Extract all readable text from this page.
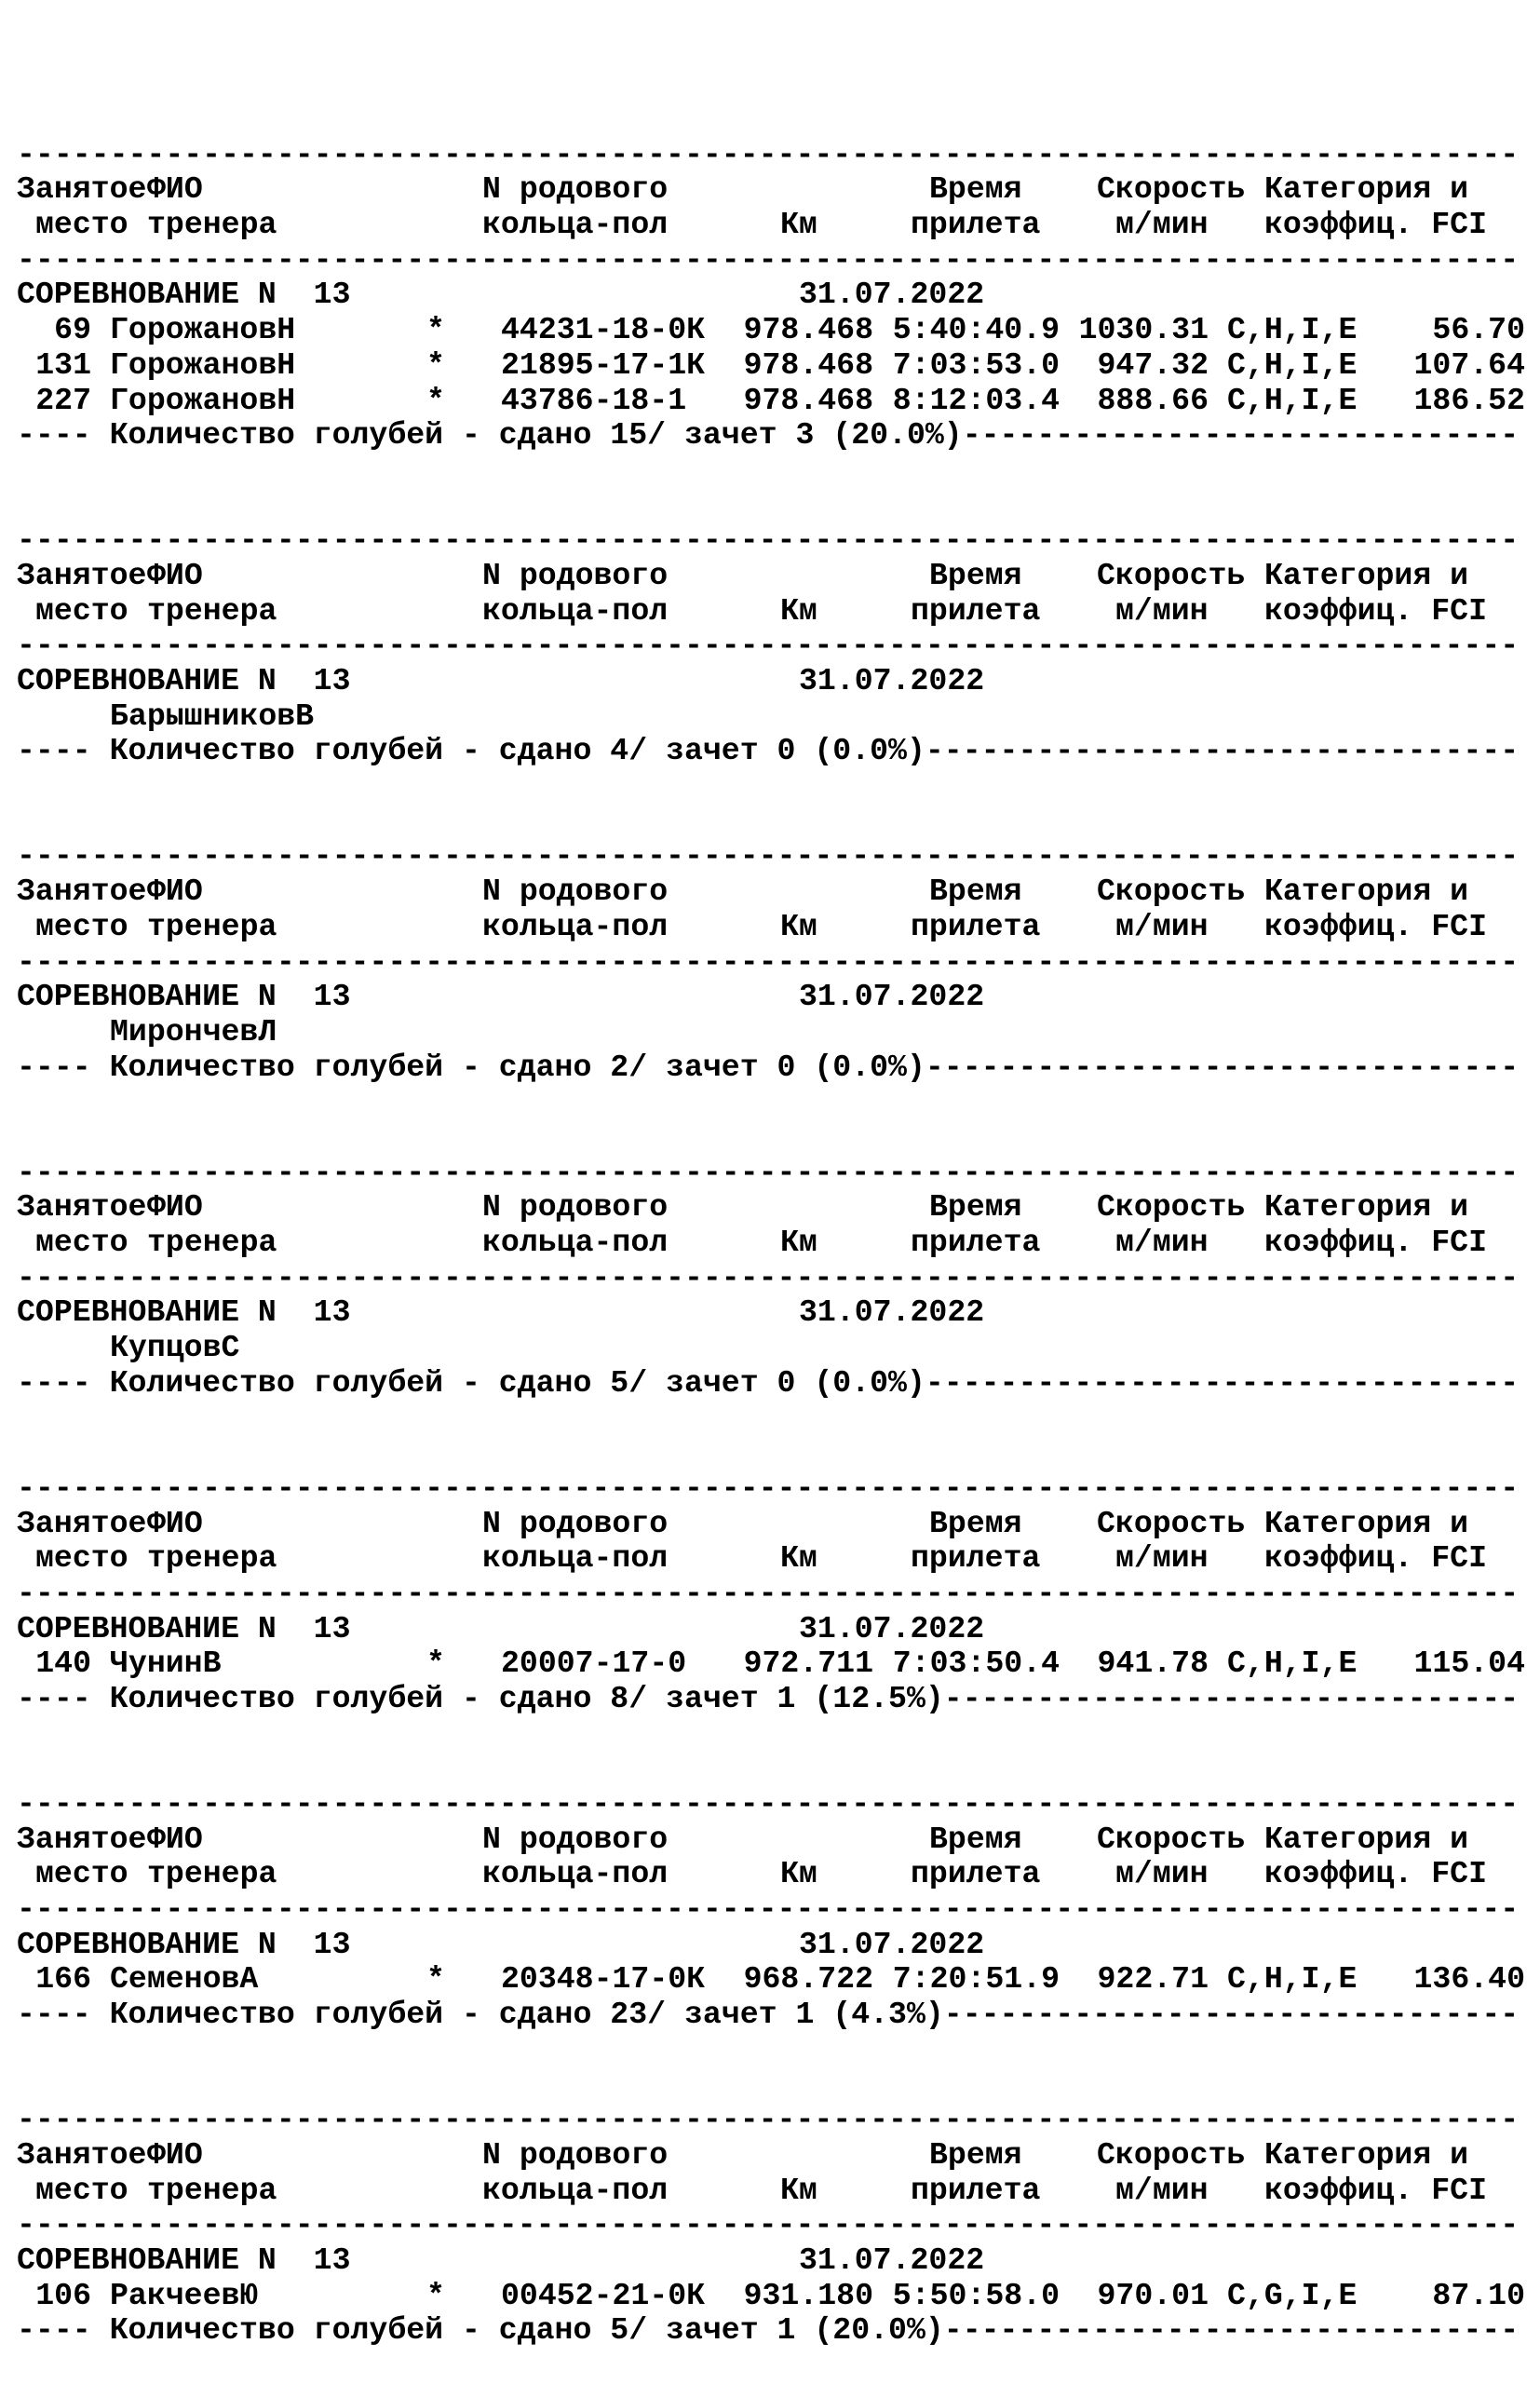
---------------------------------------------------------------------------------
Занятое ФИО	N родового	Время Скорость Категория и
место тренера	кольца-пол	Км	прилета м/мин коэффиц. FCI
---------------------------------------------------------------------------------
СОРЕВНОВАНИЕ N  13	31.07.2022
69 ГорожановН	* 44231-18-0К	978.468 5:40:40.9 1030.31 C,H,I,E	56.70
131 ГорожановН	* 21895-17-1К	978.468 7:03:53.0	947.32 C,H,I,E	107.64
227 ГорожановН	* 43786-18-1	978.468 8:12:03.4	888.66 C,H,I,E	186.52
---- Количество голубей - сдано 15/ зачет 3 (20.0%)------------------------------
---------------------------------------------------------------------------------
Занятое ФИО	N родового	Время Скорость Категория и
место тренера	кольца-пол	Км	прилета м/мин коэффиц. FCI
---------------------------------------------------------------------------------
СОРЕВНОВАНИЕ N  13	31.07.2022
БарышниковВ
---- Количество голубей - сдано 4/ зачет 0 (0.0%)--------------------------------
---------------------------------------------------------------------------------
Занятое ФИО	N родового	Время Скорость Категория и
место тренера	кольца-пол	Км	прилета м/мин коэффиц. FCI
---------------------------------------------------------------------------------
СОРЕВНОВАНИЕ N  13	31.07.2022
МирончевЛ
---- Количество голубей - сдано 2/ зачет 0 (0.0%)--------------------------------
---------------------------------------------------------------------------------
Занятое ФИО	N родового	Время Скорость Категория и
место тренера	кольца-пол	Км	прилета м/мин коэффиц. FCI
---------------------------------------------------------------------------------
СОРЕВНОВАНИЕ N  13	31.07.2022
КупцовС
---- Количество голубей - сдано 5/ зачет 0 (0.0%)--------------------------------
---------------------------------------------------------------------------------
Занятое ФИО	N родового	Время Скорость Категория и
место тренера	кольца-пол	Км	прилета м/мин коэффиц. FCI
---------------------------------------------------------------------------------
СОРЕВНОВАНИЕ N  13	31.07.2022
140 ЧунинВ	* 20007-17-0	972.711 7:03:50.4	941.78 C,H,I,E	115.04
---- Количество голубей - сдано 8/ зачет 1 (12.5%)-------------------------------
---------------------------------------------------------------------------------
Занятое ФИО	N родового	Время Скорость Категория и
место тренера	кольца-пол	Км	прилета м/мин коэффиц. FCI
---------------------------------------------------------------------------------
СОРЕВНОВАНИЕ N  13	31.07.2022
166 СеменовА	* 20348-17-0К	968.722 7:20:51.9	922.71 C,H,I,E	136.40
---- Количество голубей - сдано 23/ зачет 1 (4.3%)-------------------------------
---------------------------------------------------------------------------------
Занятое ФИО	N родового	Время Скорость Категория и
место тренера	кольца-пол	Км	прилета м/мин коэффиц. FCI
---------------------------------------------------------------------------------
СОРЕВНОВАНИЕ N  13	31.07.2022
106 РакчеевЮ	* 00452-21-0К	931.180 5:50:58.0	970.01 C,G,I,E	87.10
---- Количество голубей - сдано 5/ зачет 1 (20.0%)-------------------------------
